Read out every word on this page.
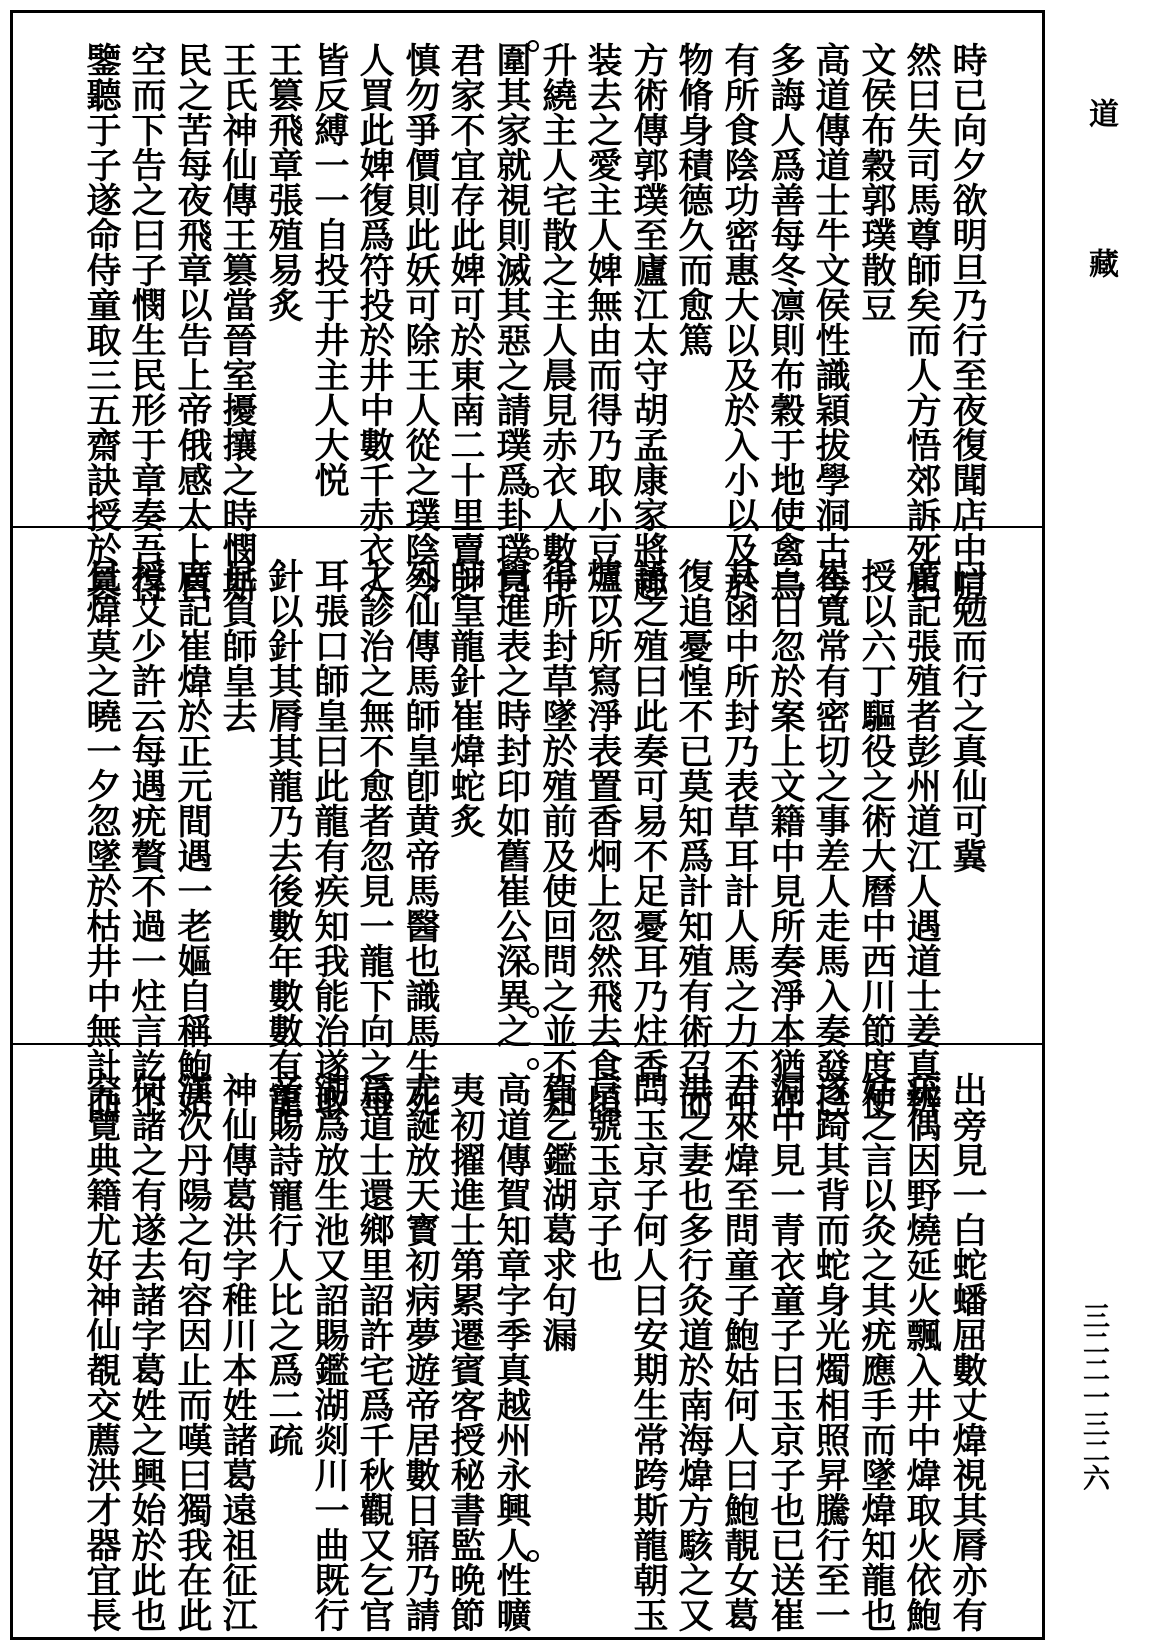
時已向夕欲明旦乃行至夜復聞店中喧
然曰失司馬尊師矣而人方悟郊訴死也
文侯布穀郭璞散豆
高道傳道士牛文侯性識穎拔學洞古今
多誨人爲善每冬凛則布穀于地使禽鳥
有所食陰功密惠大以及於入小以及於
物脩身積德久而愈篤
方術傳郭璞至廬江太守胡孟康家將趣
装去之愛主人婢無由而得乃取小豆三
升繞主人宅散之主人晨見赤衣人數千
圍其家就視則滅其惡之請璞爲卦璞曰
君家不宜存此婢可於東南二十里賣之
慎勿爭價則此妖可除王人從之璞陰令
人買此婢復爲符投於井中數千赤衣人
皆反縛一一自投于井主人大悦
王篡飛章張殖易炙
王氏神仙傳王篡當晉室擾攘之時憫斯
民之苦每夜飛章以告上帝俄感太上自
空而下告之曰子憫生民形于章奏吾得
鑒聽于子遂命侍童取三五齋訣授於篡
曰勉而行之真仙可冀
廣記張殖者彭州道江人遇道士姜真辨
授以六丁驅役之術大曆中西川節度使
崔寬常有密切之事差人走馬入奏發已
三日忽於案上文籍中見所奏淨本猶在
其函中所封乃表草耳計人馬之力不可
復追憂惶不已莫知爲計知殖有術召而
語之殖曰此奏可易不足憂耳乃炷香一
爐以所寫淨表置香炯上忽然飛去食頃
得所封草墜於殖前及使回問之並不知
覺進表之時封印如舊崔公深異之
師皇龍針崔煒蛇炙
列仙傳馬師皇卽黄帝馬醫也識馬生死
之診治之無不愈者忽見一龍下向之垂
耳張口師皇曰此龍有疾知我能治遂取
針以針其脣其龍乃去後數年數數有龍
見負師皇去
廣記崔煒於正元間遇一老嫗自稱鮑姑
授艾少許云每遇疣贅不過一炷言訖不
見煒莫之曉一夕忽墜於枯井中無計而
出旁見一白蛇蟠屈數丈煒視其脣亦有
疣偶因野燒延火飄入井中煒取火依鮑
姑之言以灸之其疣應手而墜煒知龍也
遂踦其背而蛇身光燭相照昇騰行至一
洞中見一青衣童子曰玉京子也已送崔
君來煒至問童子鮑姑何人曰鮑靚女葛
洪之妻也多行灸道於南海煒方駭之又
問玉京子何人曰安期生常跨斯龍朝玉
京號玉京子也
賀乞鑑湖葛求句漏
高道傳賀知章字季真越州永興人性曠
夷初擢進士第累遷賓客授秘書監晩節
尤誕放天寳初病夢遊帝居數日寤乃請
爲道士還鄉里詔許宅爲千秋觀又乞官
湖爲放生池又詔賜鑑湖剡川一曲既行
帝賜詩寵行人比之爲二疏
神仙傳葛洪字稚川本姓諸葛遠祖征江
漢次丹陽之句容因止而嘆曰獨我在此
何諸之有遂去諸字葛姓之興始於此也
究覽典籍尤好神仙覩交薦洪才器宜長
道
藏
三二二一三二六
